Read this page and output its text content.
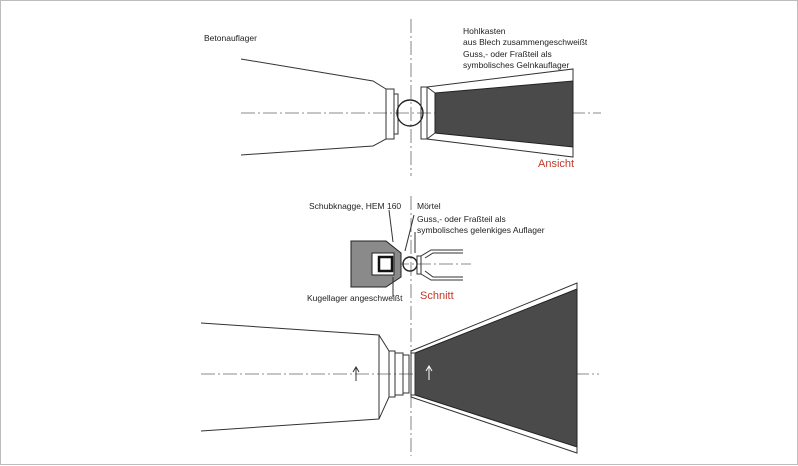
Betonauflager
Hohlkasten
aus Blech zusammengeschweißt
Guss,- oder Fraßteil als
symbolisches Gelnkauflager
Ansicht
Schubknagge, HEM 160 Mörtel
Guss,- oder Fraßteil als
symbolisches gelenkiges Auflager
Kugellager angeschweißt Schnitt
